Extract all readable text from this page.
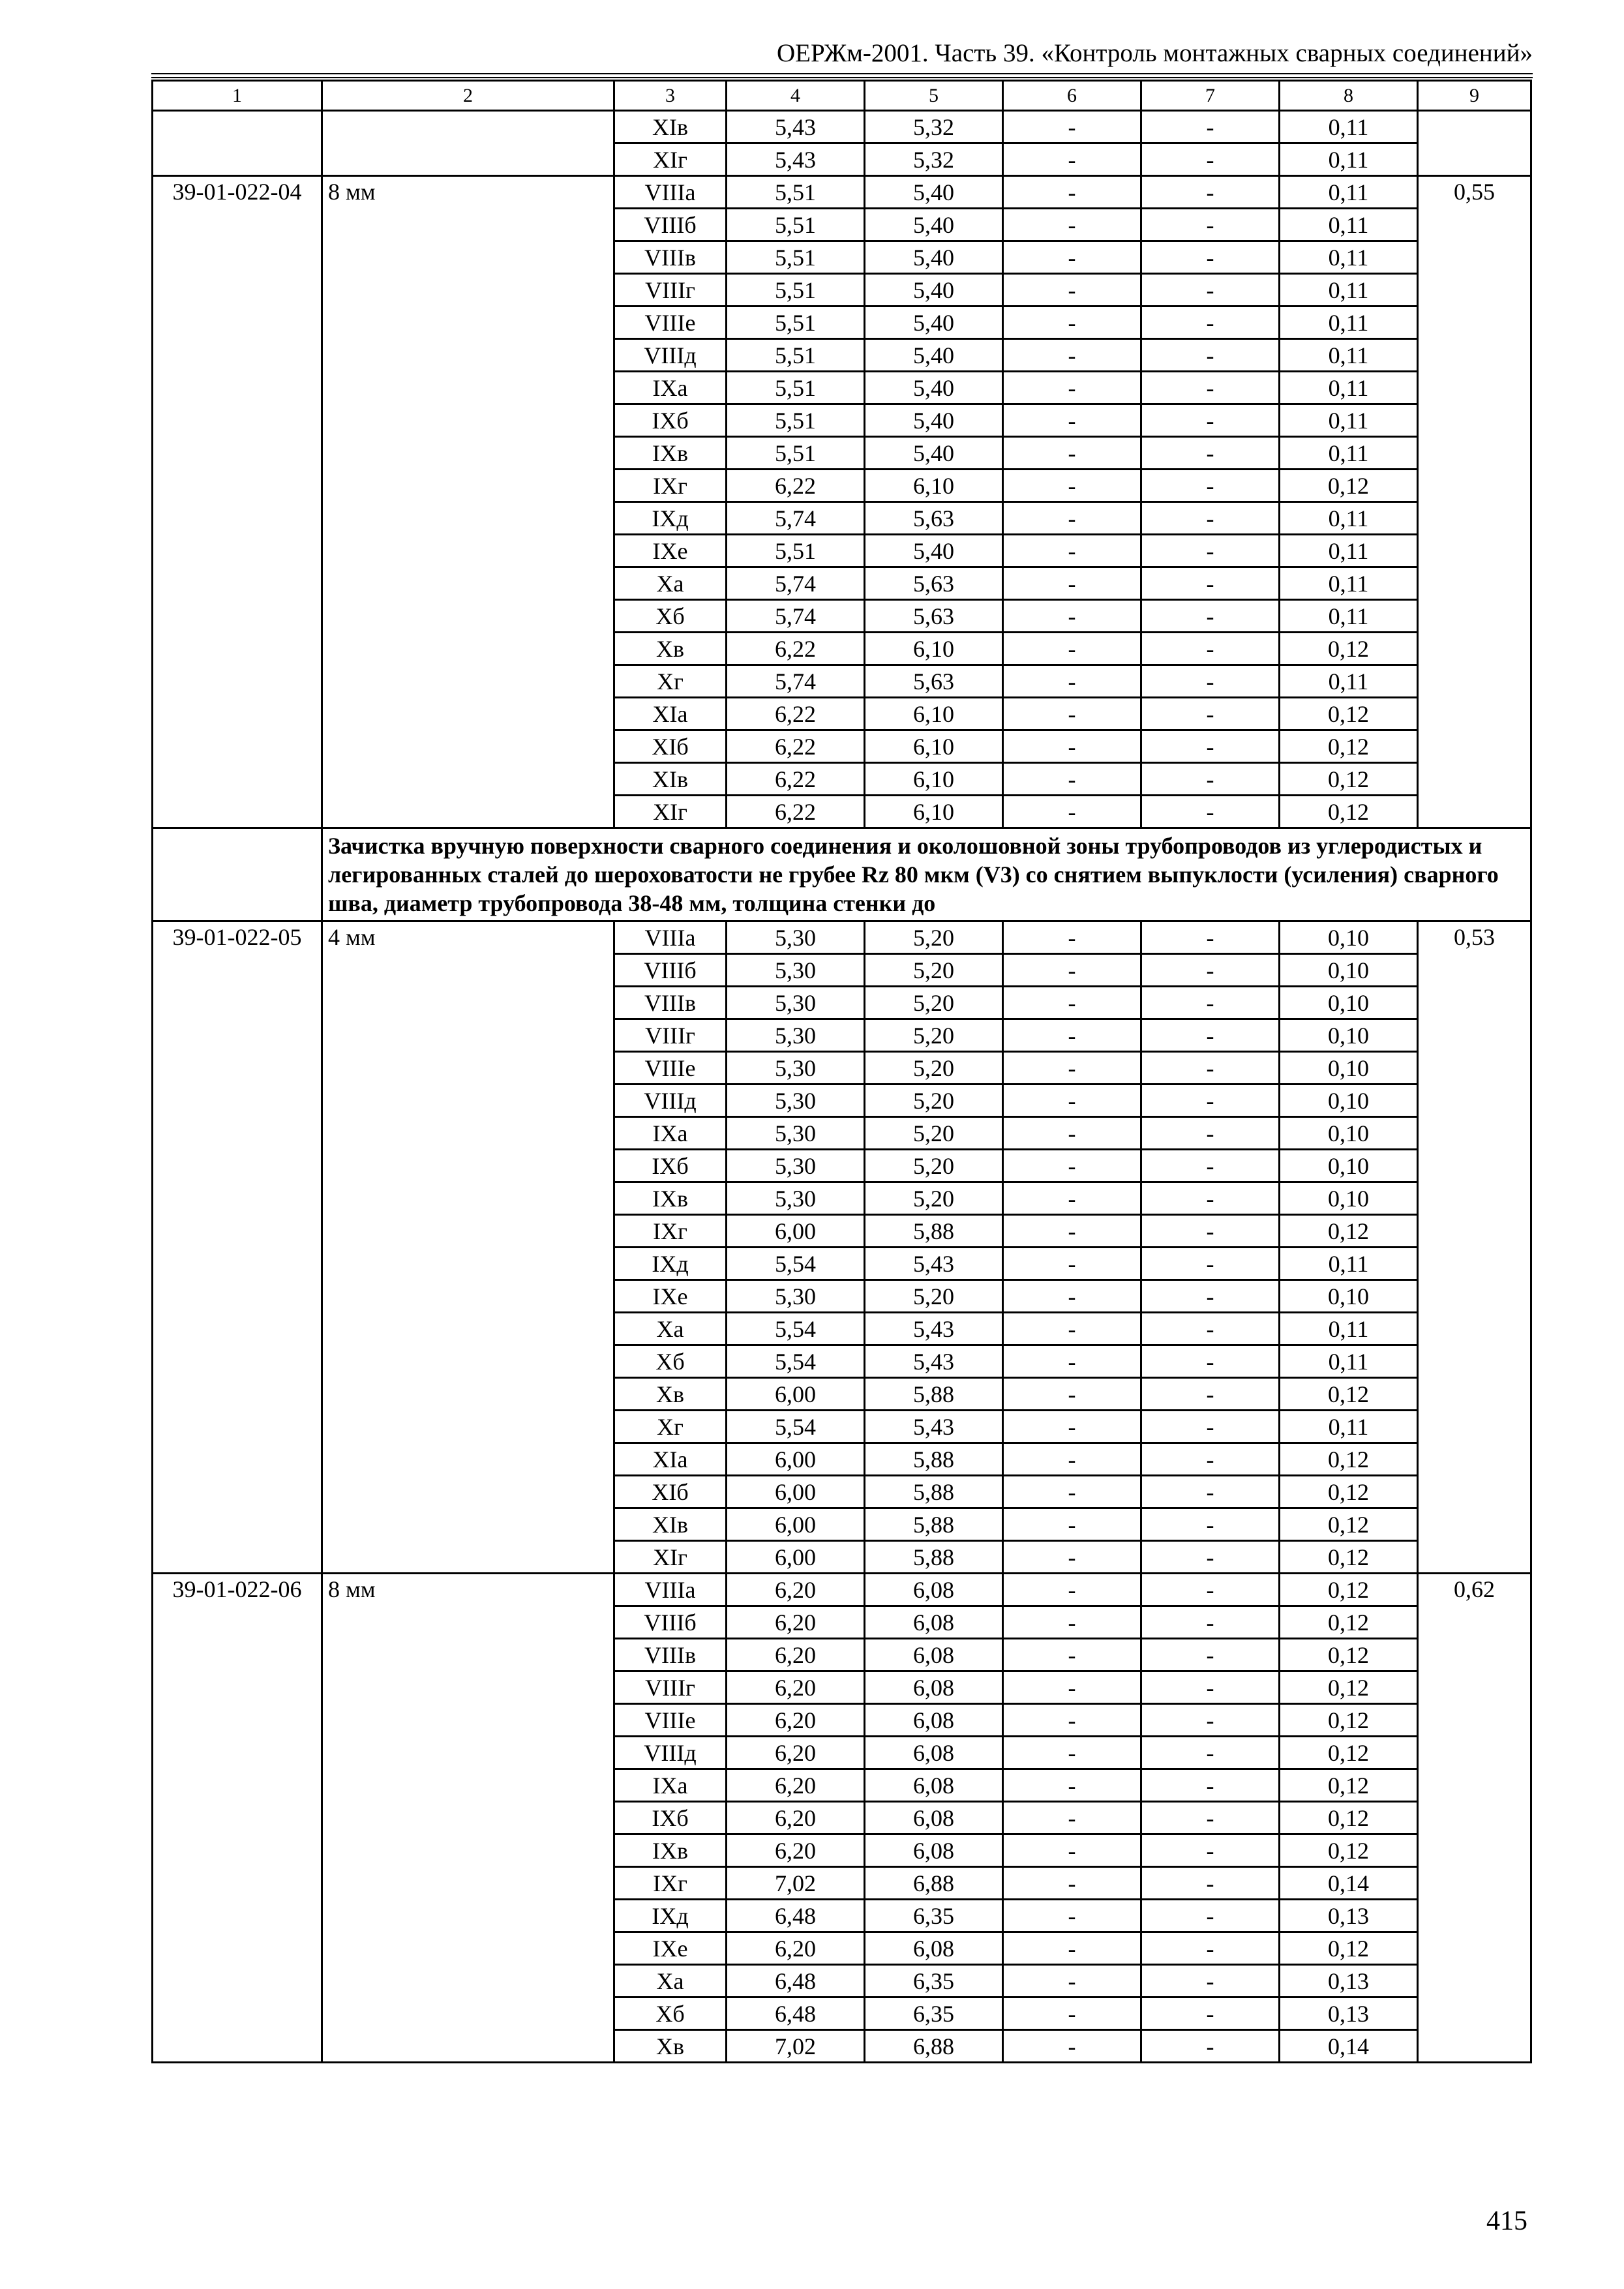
ОЕРЖм-2001. Часть 39. «Контроль монтажных сварных соединений»
1	2	3	4	5	6	7	8	9
		XIв	5,43	5,32	-	-	0,11	
		XIг	5,43	5,32	-	-	0,11	
39-01-022-04	8 мм	VIIIа	5,51	5,40	-	-	0,11	0,55
		VIIIб	5,51	5,40	-	-	0,11	
		VIIIв	5,51	5,40	-	-	0,11	
		VIIIг	5,51	5,40	-	-	0,11	
		VIIIе	5,51	5,40	-	-	0,11	
		VIIIд	5,51	5,40	-	-	0,11	
		IXа	5,51	5,40	-	-	0,11	
		IXб	5,51	5,40	-	-	0,11	
		IXв	5,51	5,40	-	-	0,11	
		IXг	6,22	6,10	-	-	0,12	
		IXд	5,74	5,63	-	-	0,11	
		IXе	5,51	5,40	-	-	0,11	
		Xа	5,74	5,63	-	-	0,11	
		Xб	5,74	5,63	-	-	0,11	
		Xв	6,22	6,10	-	-	0,12	
		Xг	5,74	5,63	-	-	0,11	
		XIа	6,22	6,10	-	-	0,12	
		XIб	6,22	6,10	-	-	0,12	
		XIв	6,22	6,10	-	-	0,12	
		XIг	6,22	6,10	-	-	0,12	
	Зачистка вручную поверхности сварного соединения и околошовной зоны трубопроводов из углеродистых и легированных сталей до шероховатости не грубее Rz 80 мкм (V3) со снятием выпуклости (усиления) сварного шва, диаметр трубопровода 38-48 мм, толщина стенки до							
39-01-022-05	4 мм	VIIIа	5,30	5,20	-	-	0,10	0,53
		VIIIб	5,30	5,20	-	-	0,10	
		VIIIв	5,30	5,20	-	-	0,10	
		VIIIг	5,30	5,20	-	-	0,10	
		VIIIе	5,30	5,20	-	-	0,10	
		VIIIд	5,30	5,20	-	-	0,10	
		IXа	5,30	5,20	-	-	0,10	
		IXб	5,30	5,20	-	-	0,10	
		IXв	5,30	5,20	-	-	0,10	
		IXг	6,00	5,88	-	-	0,12	
		IXд	5,54	5,43	-	-	0,11	
		IXе	5,30	5,20	-	-	0,10	
		Xа	5,54	5,43	-	-	0,11	
		Xб	5,54	5,43	-	-	0,11	
		Xв	6,00	5,88	-	-	0,12	
		Xг	5,54	5,43	-	-	0,11	
		XIа	6,00	5,88	-	-	0,12	
		XIб	6,00	5,88	-	-	0,12	
		XIв	6,00	5,88	-	-	0,12	
		XIг	6,00	5,88	-	-	0,12	
39-01-022-06	8 мм	VIIIа	6,20	6,08	-	-	0,12	0,62
		VIIIб	6,20	6,08	-	-	0,12	
		VIIIв	6,20	6,08	-	-	0,12	
		VIIIг	6,20	6,08	-	-	0,12	
		VIIIе	6,20	6,08	-	-	0,12	
		VIIIд	6,20	6,08	-	-	0,12	
		IXа	6,20	6,08	-	-	0,12	
		IXб	6,20	6,08	-	-	0,12	
		IXв	6,20	6,08	-	-	0,12	
		IXг	7,02	6,88	-	-	0,14	
		IXд	6,48	6,35	-	-	0,13	
		IXе	6,20	6,08	-	-	0,12	
		Xа	6,48	6,35	-	-	0,13	
		Xб	6,48	6,35	-	-	0,13	
		Xв	7,02	6,88	-	-	0,14	
415
